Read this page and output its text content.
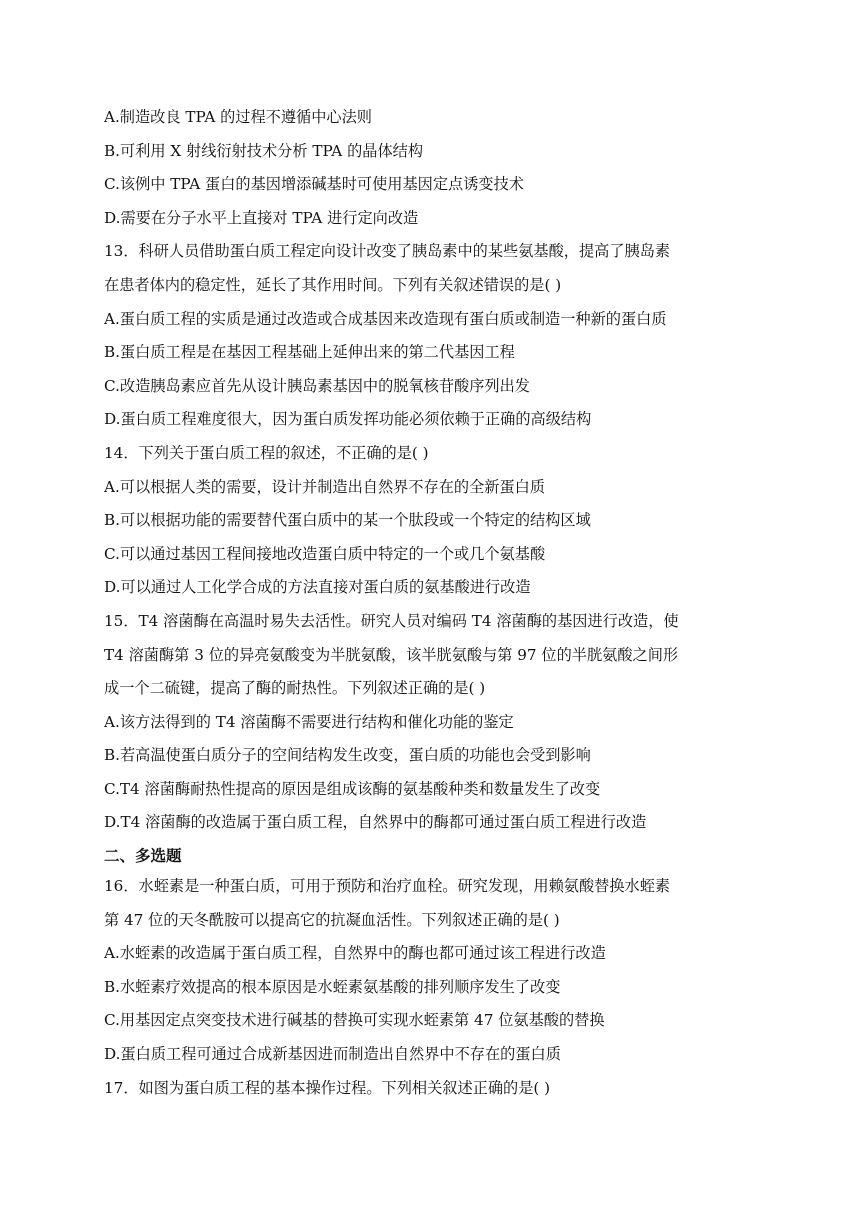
A.制造改良 TPA 的过程不遵循中心法则
B.可利用 X 射线衍射技术分析 TPA 的晶体结构
C.该例中 TPA 蛋白的基因增添碱基时可使用基因定点诱变技术
D.需要在分子水平上直接对 TPA 进行定向改造
13．科研人员借助蛋白质工程定向设计改变了胰岛素中的某些氨基酸，提高了胰岛素
在患者体内的稳定性，延长了其作用时间。下列有关叙述错误的是( )
A.蛋白质工程的实质是通过改造或合成基因来改造现有蛋白质或制造一种新的蛋白质
B.蛋白质工程是在基因工程基础上延伸出来的第二代基因工程
C.改造胰岛素应首先从设计胰岛素基因中的脱氧核苷酸序列出发
D.蛋白质工程难度很大，因为蛋白质发挥功能必须依赖于正确的高级结构
14．下列关于蛋白质工程的叙述，不正确的是( )
A.可以根据人类的需要，设计并制造出自然界不存在的全新蛋白质
B.可以根据功能的需要替代蛋白质中的某一个肽段或一个特定的结构区域
C.可以通过基因工程间接地改造蛋白质中特定的一个或几个氨基酸
D.可以通过人工化学合成的方法直接对蛋白质的氨基酸进行改造
15．T4 溶菌酶在高温时易失去活性。研究人员对编码 T4 溶菌酶的基因进行改造，使
T4 溶菌酶第 3 位的异亮氨酸变为半胱氨酸，该半胱氨酸与第 97 位的半胱氨酸之间形
成一个二硫键，提高了酶的耐热性。下列叙述正确的是( )
A.该方法得到的 T4 溶菌酶不需要进行结构和催化功能的鉴定
B.若高温使蛋白质分子的空间结构发生改变，蛋白质的功能也会受到影响
C.T4 溶菌酶耐热性提高的原因是组成该酶的氨基酸种类和数量发生了改变
D.T4 溶菌酶的改造属于蛋白质工程，自然界中的酶都可通过蛋白质工程进行改造
二、多选题
16．水蛭素是一种蛋白质，可用于预防和治疗血栓。研究发现，用赖氨酸替换水蛭素
第 47 位的天冬酰胺可以提高它的抗凝血活性。下列叙述正确的是( )
A.水蛭素的改造属于蛋白质工程，自然界中的酶也都可通过该工程进行改造
B.水蛭素疗效提高的根本原因是水蛭素氨基酸的排列顺序发生了改变
C.用基因定点突变技术进行碱基的替换可实现水蛭素第 47 位氨基酸的替换
D.蛋白质工程可通过合成新基因进而制造出自然界中不存在的蛋白质
17．如图为蛋白质工程的基本操作过程。下列相关叙述正确的是( )
